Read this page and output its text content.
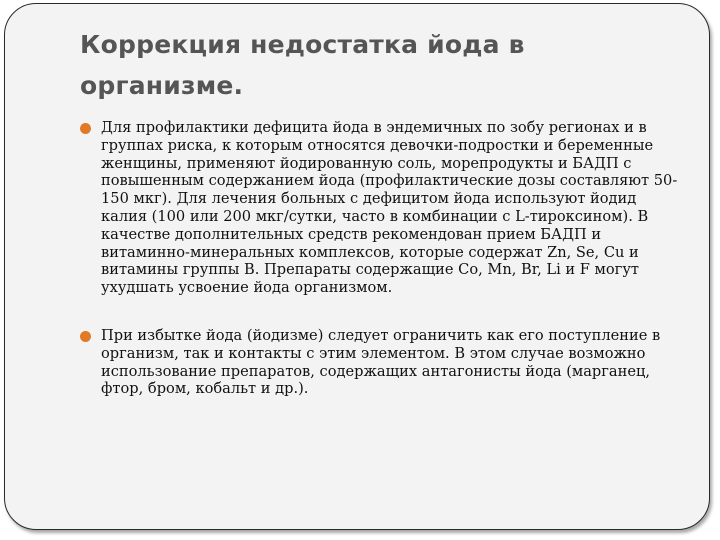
Коррекция недостатка йода в организме.
Для профилактики дефицита йода в эндемичных по зобу регионах и в группах риска, к которым относятся девочки-подростки и беременные женщины, применяют йодированную соль, морепродукты и БАДП с повышенным содержанием йода (профилактические дозы составляют 50-150 мкг). Для лечения больных с дефицитом йода используют йодид калия (100 или 200 мкг/сутки, часто в комбинации с L-тироксином). В качестве дополнительных средств рекомендован прием БАДП и витаминно-минеральных комплексов, которые содержат Zn, Se, Cu и витамины группы B. Препараты содержащие Co, Mn, Br, Li и F могут ухудшать усвоение йода организмом.
При избытке йода (йодизме) следует ограничить как его поступление в организм, так и контакты с этим элементом. В этом случае возможно использование препаратов, содержащих антагонисты йода (марганец, фтор, бром, кобальт и др.).
